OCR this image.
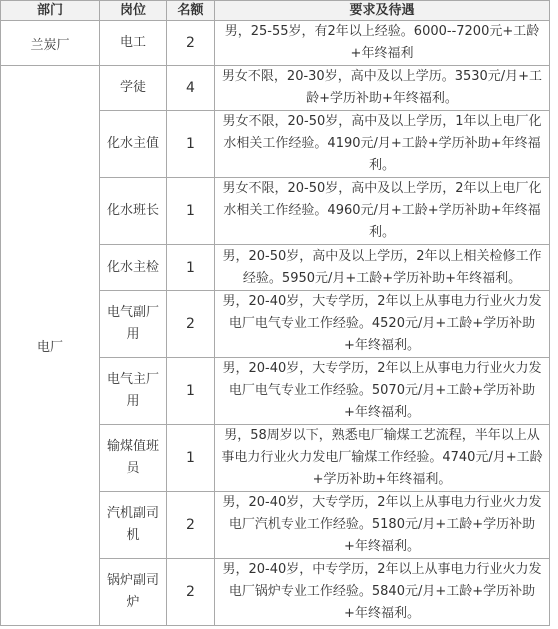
部门	岗位	名额	要求及待遇
兰炭厂	电工	2	男，25-55岁，有2年以上经验。6000--7200元+工龄+年终福利
电厂	学徒	4	男女不限，20-30岁，高中及以上学历。3530元/月+工龄+学历补助+年终福利。
	化水主值	1	男女不限，20-50岁，高中及以上学历，1年以上电厂化水相关工作经验。4190元/月+工龄+学历补助+年终福利。
	化水班长	1	男女不限，20-50岁，高中及以上学历，2年以上电厂化水相关工作经验。4960元/月+工龄+学历补助+年终福利。
	化水主检	1	男，20-50岁，高中及以上学历，2年以上相关检修工作经验。5950元/月+工龄+学历补助+年终福利。
	电气副厂用	2	男，20-40岁，大专学历，2年以上从事电力行业火力发电厂电气专业工作经验。4520元/月+工龄+学历补助+年终福利。
	电气主厂用	1	男，20-40岁，大专学历，2年以上从事电力行业火力发电厂电气专业工作经验。5070元/月+工龄+学历补助+年终福利。
	输煤值班员	1	男，58周岁以下，熟悉电厂输煤工艺流程，半年以上从事电力行业火力发电厂输煤工作经验。4740元/月+工龄+学历补助+年终福利。
	汽机副司机	2	男，20-40岁，大专学历，2年以上从事电力行业火力发电厂汽机专业工作经验。5180元/月+工龄+学历补助+年终福利。
	锅炉副司炉	2	男，20-40岁，中专学历，2年以上从事电力行业火力发电厂锅炉专业工作经验。5840元/月+工龄+学历补助+年终福利。
